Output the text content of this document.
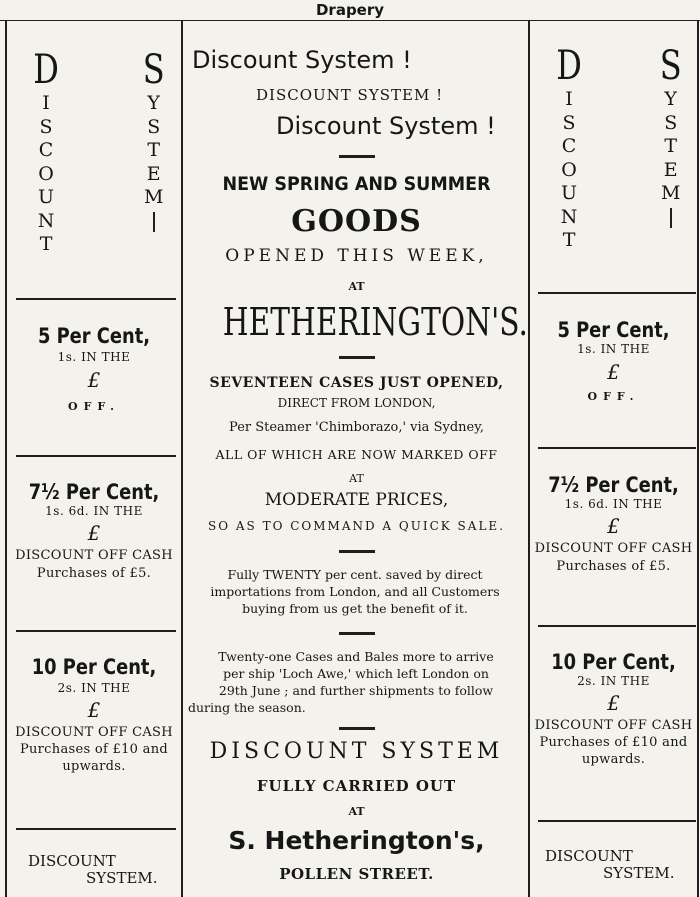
Drapery
D
I
S
C
O
U
N
T
S
Y
S
T
E
M
5 Per Cent,
1s. IN THE
£
OFF.
7½ Per Cent,
1s. 6d. IN THE
£
DISCOUNT OFF CASH
Purchases of £5.
10 Per Cent,
2s. IN THE
£
DISCOUNT OFF CASH
Purchases of £10 and
upwards.
DISCOUNT
SYSTEM.
D
I
S
C
O
U
N
T
S
Y
S
T
E
M
5 Per Cent,
1s. IN THE
£
OFF.
7½ Per Cent,
1s. 6d. IN THE
£
DISCOUNT OFF CASH
Purchases of £5.
10 Per Cent,
2s. IN THE
£
DISCOUNT OFF CASH
Purchases of £10 and
upwards.
DISCOUNT
SYSTEM.
Discount System !
DISCOUNT SYSTEM !
Discount System !
NEW SPRING AND SUMMER
GOODS
OPENED THIS WEEK,
AT
HETHERINGTON'S.
SEVENTEEN CASES JUST OPENED,
DIRECT FROM LONDON,
Per Steamer 'Chimborazo,' via Sydney,
ALL OF WHICH ARE NOW MARKED OFF
AT
MODERATE PRICES,
SO AS TO COMMAND A QUICK SALE.
Fully TWENTY per cent. saved by direct
importations from London, and all Customers
buying from us get the benefit of it.
Twenty-one Cases and Bales more to arrive
per ship 'Loch Awe,' which left London on
29th June ; and further shipments to follow
during the season.
DISCOUNT SYSTEM
FULLY CARRIED OUT
AT
S. Hetherington's,
POLLEN STREET.
